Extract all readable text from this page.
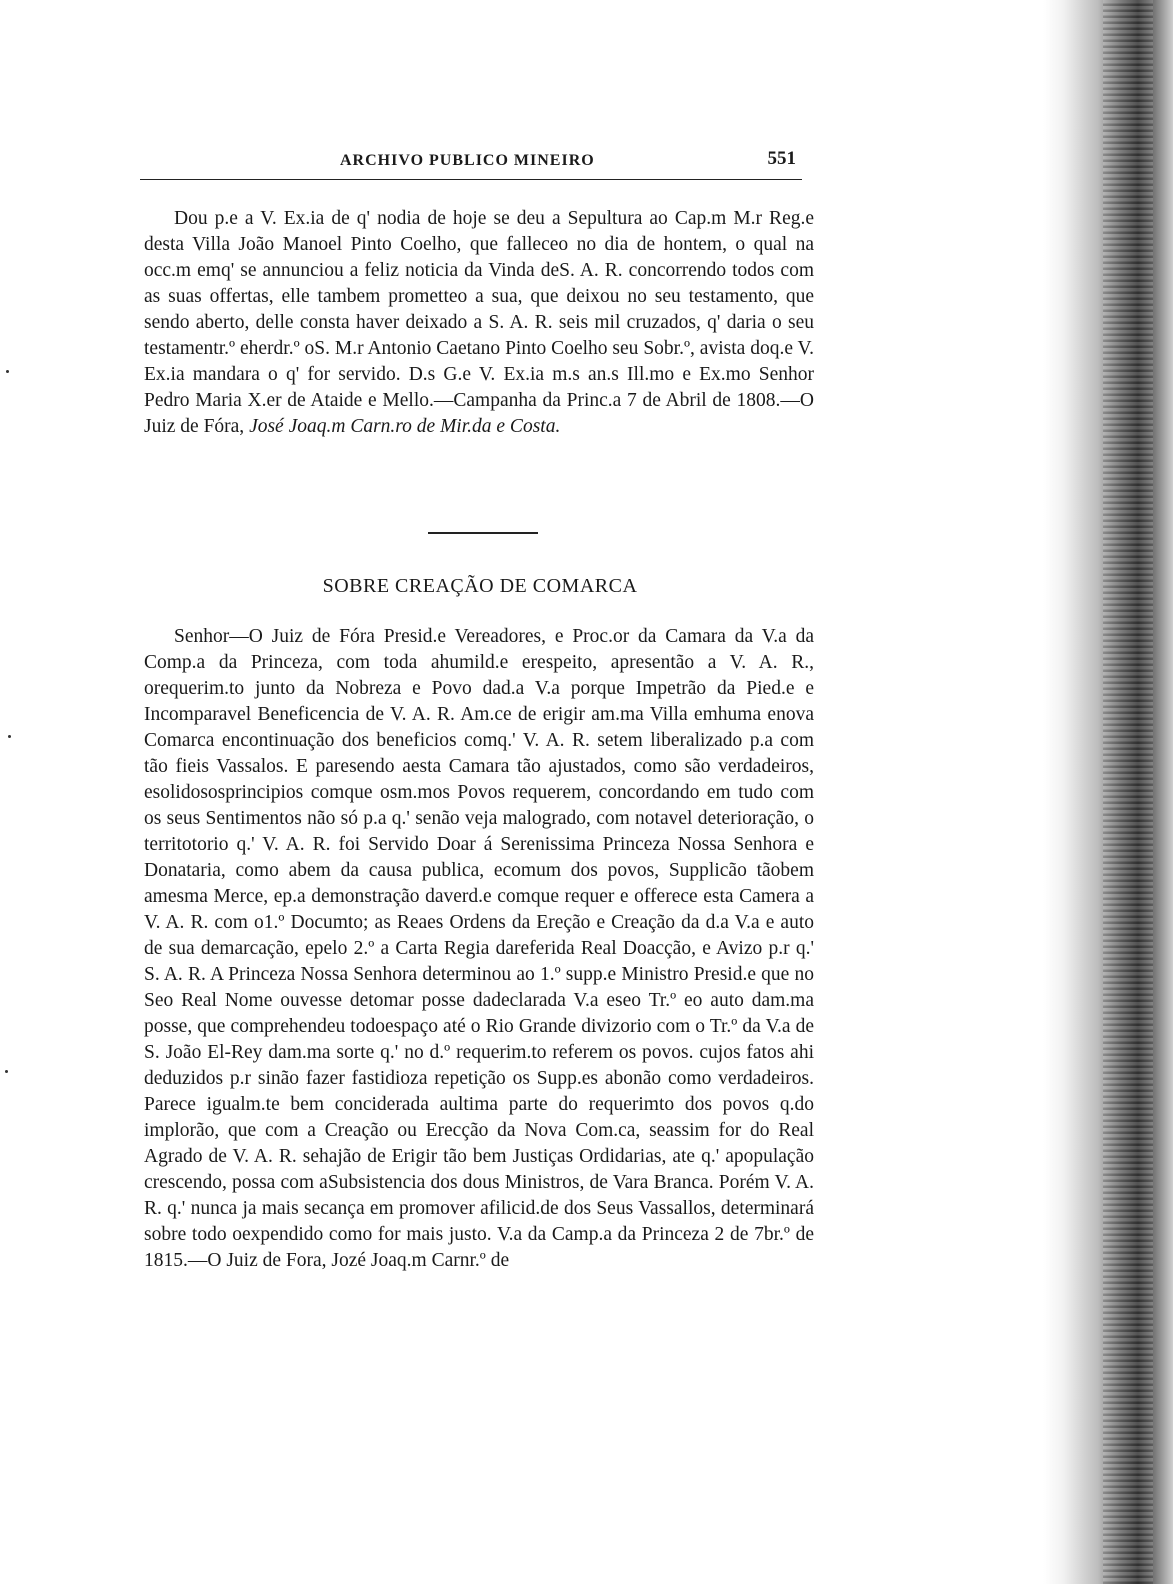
ARCHIVO PUBLICO MINEIRO	551

Dou p.e a V. Ex.ia de q' nodia de hoje se deu a Sepultura ao Cap.m M.r Reg.e desta Villa João Manoel Pinto Coelho, que falleceo no dia de hontem, o qual na occ.m emq' se annunciou a feliz noticia da Vinda deS. A. R. concorrendo todos com as suas offertas, elle tambem prometteo a sua, que deixou no seu testamento, que sendo aberto, delle consta haver deixado a S. A. R. seis mil cruzados, q' daria o seu testamentr.º eherdr.º oS. M.r Antonio Caetano Pinto Coelho seu Sobr.º, avista doq.e V. Ex.ia mandara o q' for servido. D.s G.e V. Ex.ia m.s an.s Ill.mo e Ex.mo Senhor Pedro Maria X.er de Ataide e Mello.—Campanha da Princ.a 7 de Abril de 1808.—O Juiz de Fóra, José Joaq.m Carn.ro de Mir.da e Costa.

SOBRE CREAÇÃO DE COMARCA

Senhor—O Juiz de Fóra Presid.e Vereadores, e Proc.or da Camara da V.a da Comp.a da Princeza, com toda ahumild.e erespeito, apresentão a V. A. R., orequerim.to junto da Nobreza e Povo dad.a V.a porque Impetrão da Pied.e e Incomparavel Beneficencia de V. A. R. Am.ce de erigir am.ma Villa emhuma enova Comarca encontinuação dos beneficios comq.' V. A. R. setem liberalizado p.a com tão fieis Vassalos. E paresendo aesta Camara tão ajustados, como são verdadeiros, esolidososprincipios comque osm.mos Povos requerem, concordando em tudo com os seus Sentimentos não só p.a q.' senão veja malogrado, com notavel deterioração, o territotorio q.' V. A. R. foi Servido Doar á Serenissima Princeza Nossa Senhora e Donataria, como abem da causa publica, ecomum dos povos, Supplicão tãobem amesma Merce, ep.a demonstração daverd.e comque requer e offerece esta Camera a V. A. R. com o1.º Documto; as Reaes Ordens da Ereção e Creação da d.a V.a e auto de sua demarcação, epelo 2.º a Carta Regia dareferida Real Doacção, e Avizo p.r q.' S. A. R. A Princeza Nossa Senhora determinou ao 1.º supp.e Ministro Presid.e que no Seo Real Nome ouvesse detomar posse dadeclarada V.a eseo Tr.º eo auto dam.ma posse, que comprehendeu todoespaço até o Rio Grande divizorio com o Tr.º da V.a de S. João El-Rey dam.ma sorte q.' no d.º requerim.to referem os povos. cujos fatos ahi deduzidos p.r sinão fazer fastidioza repetição os Supp.es abonão como verdadeiros. Parece igualm.te bem conciderada aultima parte do requerimto dos povos q.do implorão, que com a Creação ou Erecção da Nova Com.ca, seassim for do Real Agrado de V. A. R. sehajão de Erigir tão bem Justiças Ordidarias, ate q.' apopulação crescendo, possa com aSubsistencia dos dous Ministros, de Vara Branca. Porém V. A. R. q.' nunca ja mais secança em promover afilicid.de dos Seus Vassallos, determinará sobre todo oexpendido como for mais justo. V.a da Camp.a da Princeza 2 de 7br.º de 1815.—O Juiz de Fora, Jozé Joaq.m Carnr.º de
